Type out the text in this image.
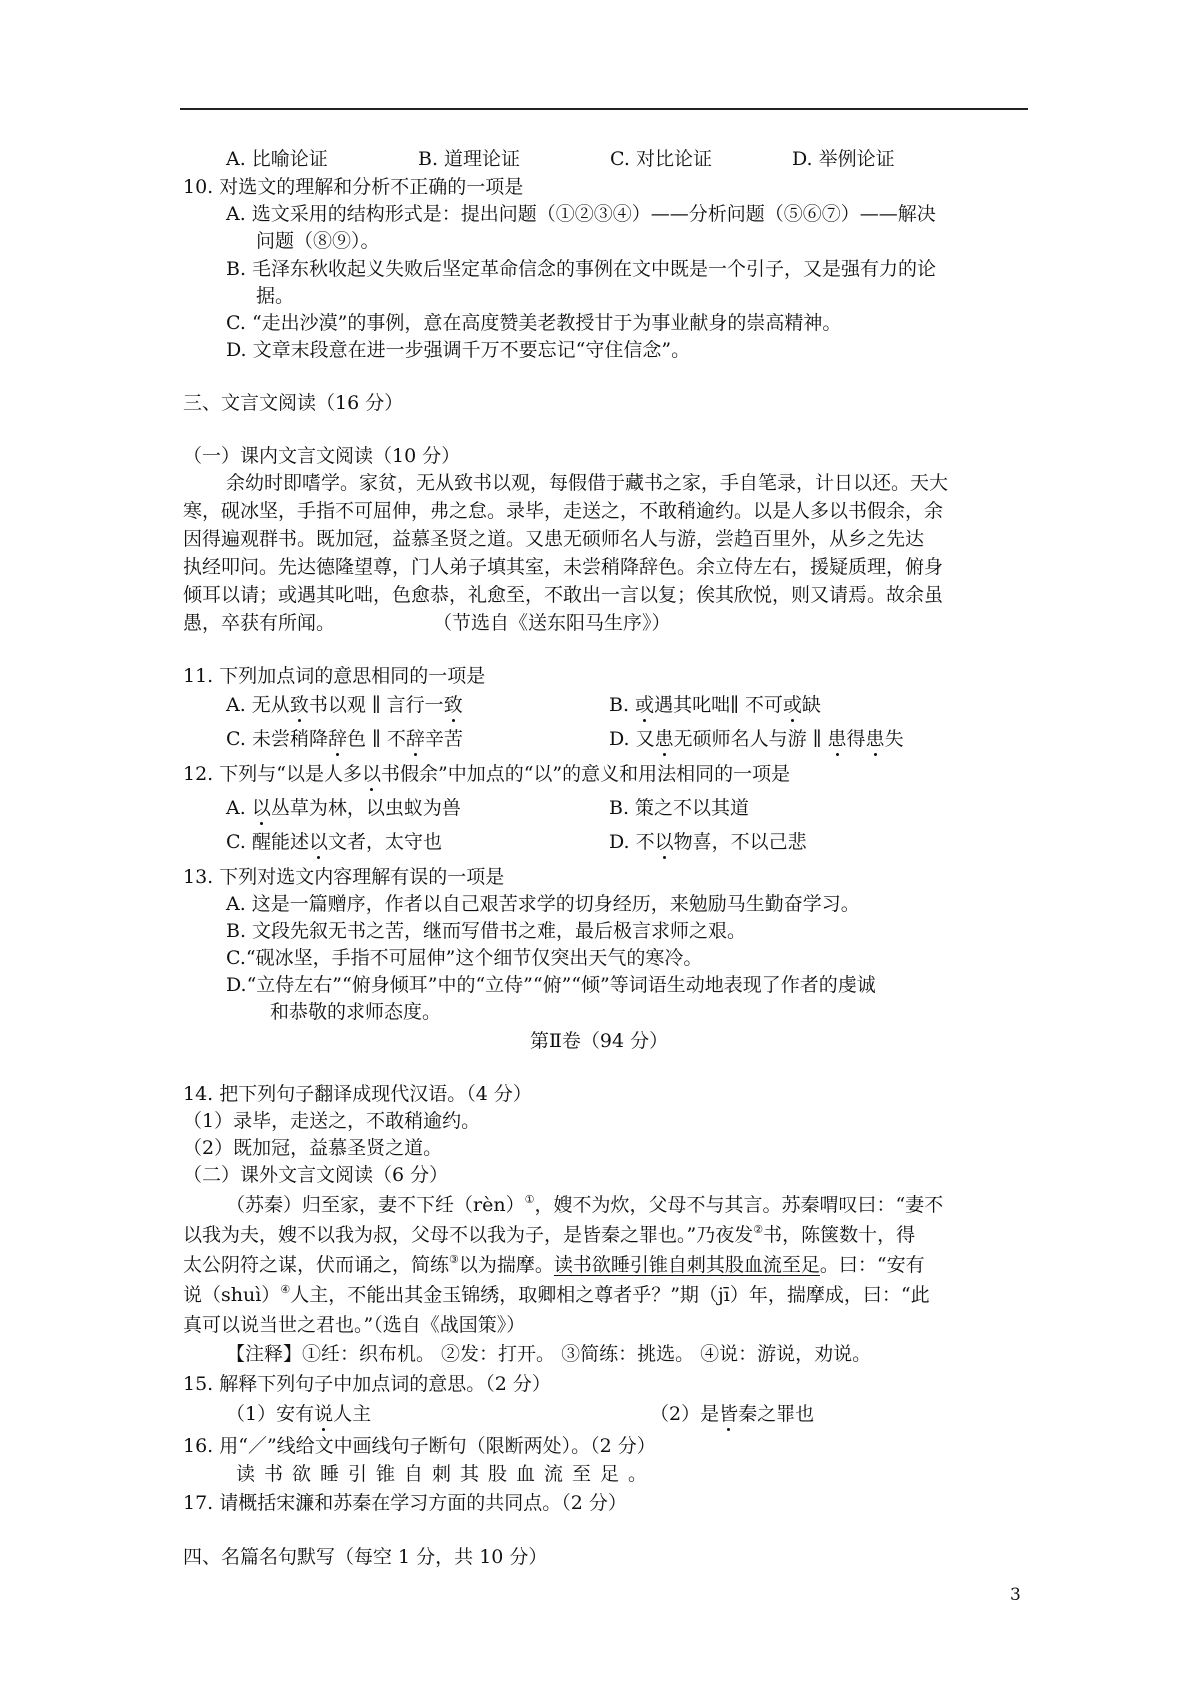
A. 比喻论证	B. 道理论证	C. 对比论证	D. 举例论证
10. 对选文的理解和分析不正确的一项是
A. 选文采用的结构形式是：提出问题（①②③④）——分析问题（⑤⑥⑦）——解决
问题（⑧⑨）。
B. 毛泽东秋收起义失败后坚定革命信念的事例在文中既是一个引子，又是强有力的论
据。
C. “走出沙漠”的事例，意在高度赞美老教授甘于为事业献身的崇高精神。
D. 文章末段意在进一步强调千万不要忘记“守住信念”。
三、文言文阅读（16 分）
（一）课内文言文阅读（10 分）
余幼时即嗜学。家贫，无从致书以观，每假借于藏书之家，手自笔录，计日以还。天大
寒，砚冰坚，手指不可屈伸，弗之怠。录毕，走送之，不敢稍逾约。以是人多以书假余，余
因得遍观群书。既加冠，益慕圣贤之道。又患无硕师名人与游，尝趋百里外，从乡之先达
执经叩问。先达德隆望尊，门人弟子填其室，未尝稍降辞色。余立侍左右，援疑质理，俯身
倾耳以请；或遇其叱咄，色愈恭，礼愈至，不敢出一言以复；俟其欣悦，则又请焉。故余虽
愚，卒获有所闻。	（节选自《送东阳马生序》）
11. 下列加点词的意思相同的一项是
A. 无从致书以观 ∥ 言行一致	B. 或遇其叱咄∥ 不可或缺
C. 未尝稍降辞色 ∥ 不辞辛苦	D. 又患无硕师名人与游 ∥ 患得患失
12. 下列与“以是人多以书假余”中加点的“以”的意义和用法相同的一项是
A. 以丛草为林，以虫蚁为兽	B. 策之不以其道
C. 醒能述以文者，太守也	D. 不以物喜，不以己悲
13. 下列对选文内容理解有误的一项是
A. 这是一篇赠序，作者以自己艰苦求学的切身经历，来勉励马生勤奋学习。
B. 文段先叙无书之苦，继而写借书之难，最后极言求师之艰。
C.“砚冰坚，手指不可屈伸”这个细节仅突出天气的寒冷。
D.“立侍左右”“俯身倾耳”中的“立侍”“俯”“倾”等词语生动地表现了作者的虔诚
和恭敬的求师态度。
第Ⅱ卷（94 分）
14. 把下列句子翻译成现代汉语。（4 分）
（1）录毕，走送之，不敢稍逾约。
（2）既加冠，益慕圣贤之道。
（二）课外文言文阅读（6 分）
（苏秦）归至家，妻不下纴（rèn）①，嫂不为炊，父母不与其言。苏秦喟叹曰：“妻不
以我为夫，嫂不以我为叔，父母不以我为子，是皆秦之罪也。”乃夜发②书，陈箧数十，得
太公阴符之谋，伏而诵之，简练③以为揣摩。读书欲睡引锥自刺其股血流至足。曰：“安有
说（shuì）④人主，不能出其金玉锦绣，取卿相之尊者乎？”期（jī）年，揣摩成，曰：“此
真可以说当世之君也。”（选自《战国策》）
【注释】①纴：织布机。 ②发：打开。 ③简练：挑选。 ④说：游说，劝说。
15. 解释下列句子中加点词的意思。（2 分）
（1）安有说人主	（2）是皆秦之罪也
16. 用“／”线给文中画线句子断句（限断两处）。（2 分）
读书欲睡引锥自刺其股血流至足。
17. 请概括宋濂和苏秦在学习方面的共同点。（2 分）
四、名篇名句默写（每空 1 分，共 10 分）
3
